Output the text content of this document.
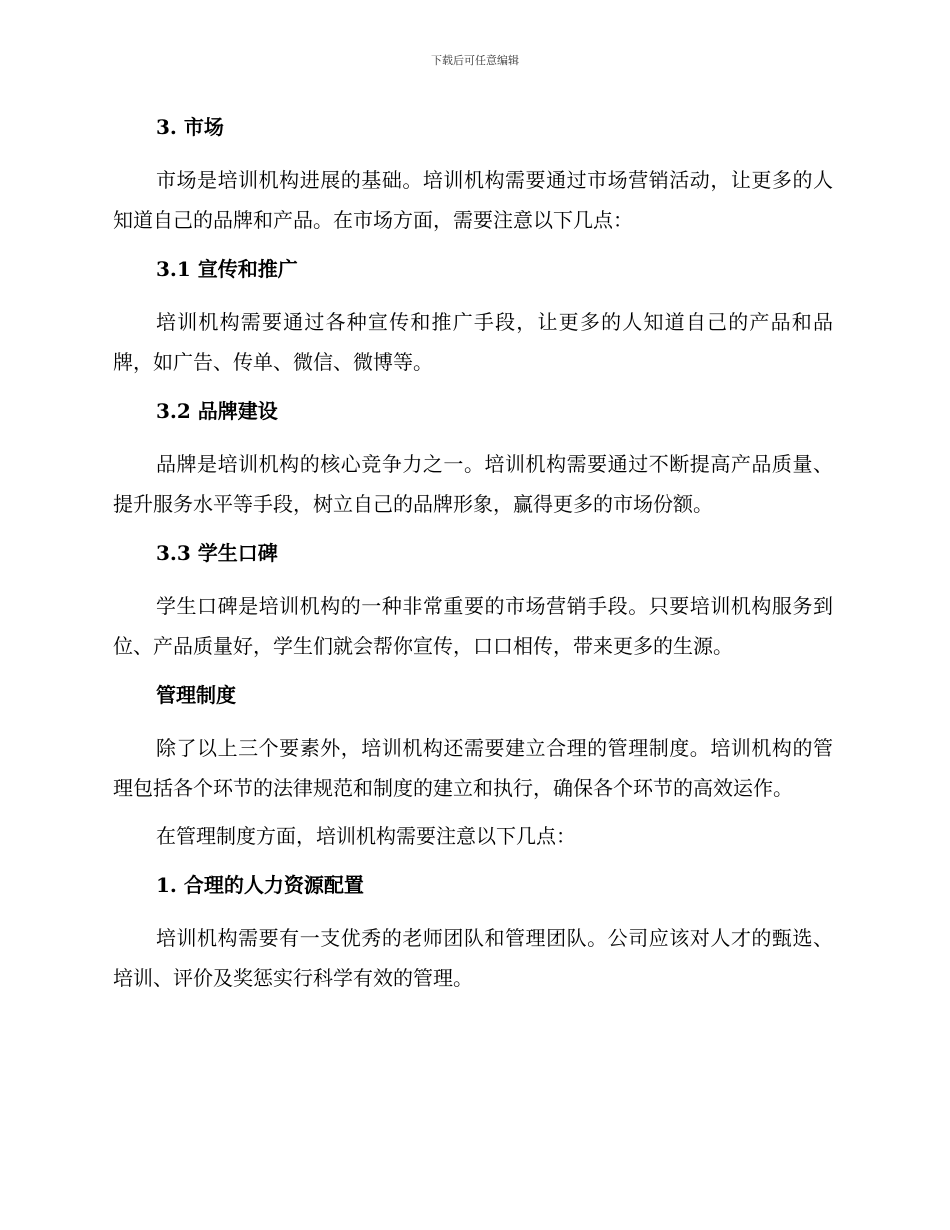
下载后可任意编辑
3. 市场

市场是培训机构进展的基础。培训机构需要通过市场营销活动，让更多的人知道自己的品牌和产品。在市场方面，需要注意以下几点：

3.1 宣传和推广

培训机构需要通过各种宣传和推广手段，让更多的人知道自己的产品和品牌，如广告、传单、微信、微博等。

3.2 品牌建设

品牌是培训机构的核心竞争力之一。培训机构需要通过不断提高产品质量、提升服务水平等手段，树立自己的品牌形象，赢得更多的市场份额。

3.3 学生口碑

学生口碑是培训机构的一种非常重要的市场营销手段。只要培训机构服务到位、产品质量好，学生们就会帮你宣传，口口相传，带来更多的生源。

管理制度

除了以上三个要素外，培训机构还需要建立合理的管理制度。培训机构的管理包括各个环节的法律规范和制度的建立和执行，确保各个环节的高效运作。

在管理制度方面，培训机构需要注意以下几点：

1. 合理的人力资源配置

培训机构需要有一支优秀的老师团队和管理团队。公司应该对人才的甄选、培训、评价及奖惩实行科学有效的管理。
